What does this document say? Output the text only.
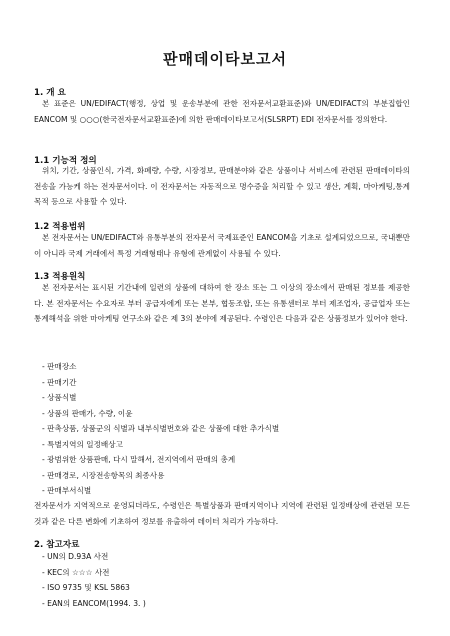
판매데이타보고서
1. 개 요
본 표준은 UN/EDIFACT(행정, 상업 및 운송부분에 관한 전자문서교환표준)와 UN/EDIFACT의 부분집합인 EANCOM 및 ○○○(한국전자문서교환표준)에 의한 판매데이타보고서(SLSRPT) EDI 전자문서를 정의한다.
1.1 기능적 정의
위치, 기간, 상품인식, 가격, 화폐량, 수량, 시장정보, 판매분야와 같은 상품이나 서비스에 관련된 판매데이타의 전송을 가능케 하는 전자문서이다. 이 전자문서는 자동적으로 명수증을 처리할 수 있고 생산, 계획, 마아케팅,통계목적 등으로 사용할 수 있다.
1.2 적용범위
본 전자문서는 UN/EDIFACT와 유통부분의 전자문서 국제표준인 EANCOM을 기초로 설계되었으므로, 국내뿐만이 아니라 국제 거래에서 특정 거래형태나 유형에 관계없이 사용될 수 있다.
1.3 적용원칙
본 전자문서는 표시된 기간내에 일련의 상품에 대하여 한 장소 또는 그 이상의 장소에서 판매된 정보를 제공한다. 본 전자문서는 수요자로 부터 공급자에게 또는 본부, 협동조합, 또는 유통센터로 부터 제조업자, 공급업자 또는 통계해석을 위한 마아케팅 연구소와 같은 제 3의 분야에 제공된다. 수령인은 다음과 같은 상품정보가 있어야 한다.
- 판매장소
- 판매기간
- 상품식별
- 상품의 판매가, 수량, 이윤
- 판촉상품, 상품군의 식별과 내부식별번호와 같은 상품에 대한 추가식별
- 특별지역의 일정배상고
- 광범위한 상품판매, 다시 말해서, 전지역에서 판매의 총계
- 판매경로, 시장전송항목의 최종사용
- 판매부서식별
전자문서가 지역적으로 운영되더라도, 수령인은 특별상품과 판매지역이나 지역에 관련된 일정배상에 관련된 모든것과 같은 다른 변화에 기초하여 정보를 유출하여 데이터 처리가 가능하다.
2. 참고자료
- UN의 D.93A 사전
- KEC의 ☆☆☆ 사전
- ISO 9735 및 KSL 5863
- EAN의 EANCOM(1994. 3. )
